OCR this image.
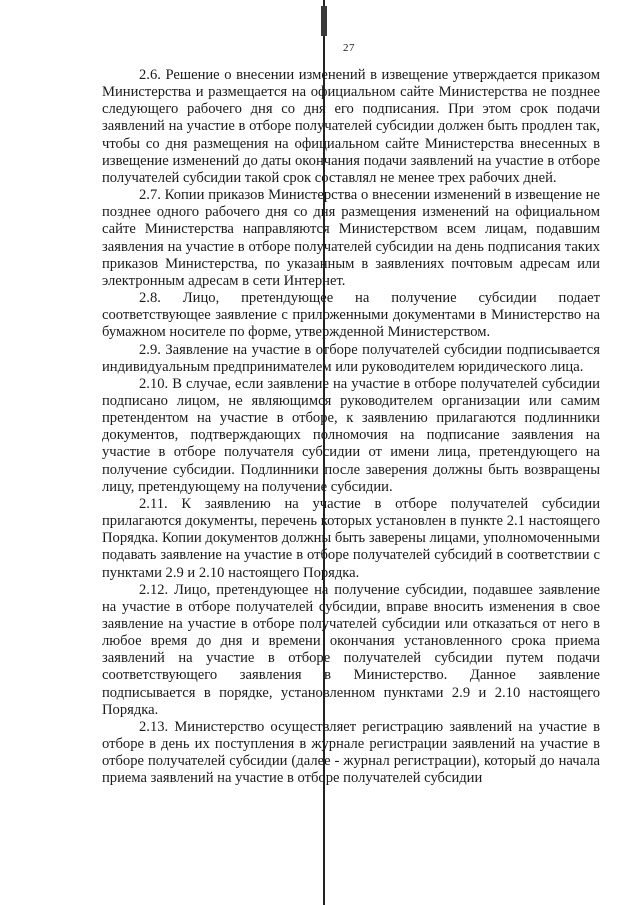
27

2.6. Решение о внесении изменений в извещение утверждается приказом Министерства и размещается на официальном сайте Министерства не позднее следующего рабочего дня со дня его подписания. При этом срок подачи заявлений на участие в отборе получателей субсидии должен быть продлен так, чтобы со дня размещения на официальном сайте Министерства внесенных в извещение изменений до даты окончания подачи заявлений на участие в отборе получателей субсидии такой срок составлял не менее трех рабочих дней.

2.7. Копии приказов Министерства о внесении изменений в извещение не позднее одного рабочего дня со дня размещения изменений на официальном сайте Министерства направляются Министерством всем лицам, подавшим заявления на участие в отборе получателей субсидии на день подписания таких приказов Министерства, по указанным в заявлениях почтовым адресам или электронным адресам в сети Интернет.

2.8. Лицо, претендующее на получение субсидии подает соответствующее заявление с приложенными документами в Министерство на бумажном носителе по форме, утвержденной Министерством.

2.9. Заявление на участие в отборе получателей субсидии подписывается индивидуальным предпринимателем или руководителем юридического лица.

2.10. В случае, если заявление на участие в отборе получателей субсидии подписано лицом, не являющимся руководителем организации или самим претендентом на участие в отборе, к заявлению прилагаются подлинники документов, подтверждающих полномочия на подписание заявления на участие в отборе получателя субсидии от имени лица, претендующего на получение субсидии. Подлинники после заверения должны быть возвращены лицу, претендующему на получение субсидии.

2.11. К заявлению на участие в отборе получателей субсидии прилагаются документы, перечень которых установлен в пункте 2.1 настоящего Порядка. Копии документов должны быть заверены лицами, уполномоченными подавать заявление на участие в отборе получателей субсидий в соответствии с пунктами 2.9 и 2.10 настоящего Порядка.

2.12. Лицо, претендующее на получение субсидии, подавшее заявление на участие в отборе получателей субсидии, вправе вносить изменения в свое заявление на участие в отборе получателей субсидии или отказаться от него в любое время до дня и времени окончания установленного срока приема заявлений на участие в отборе получателей субсидии путем подачи соответствующего заявления в Министерство. Данное заявление подписывается в порядке, установленном пунктами 2.9 и 2.10 настоящего Порядка.

2.13. Министерство осуществляет регистрацию заявлений на участие в отборе в день их поступления в журнале регистрации заявлений на участие в отборе получателей субсидии (далее - журнал регистрации), который до начала приема заявлений на участие в отборе получателей субсидии
